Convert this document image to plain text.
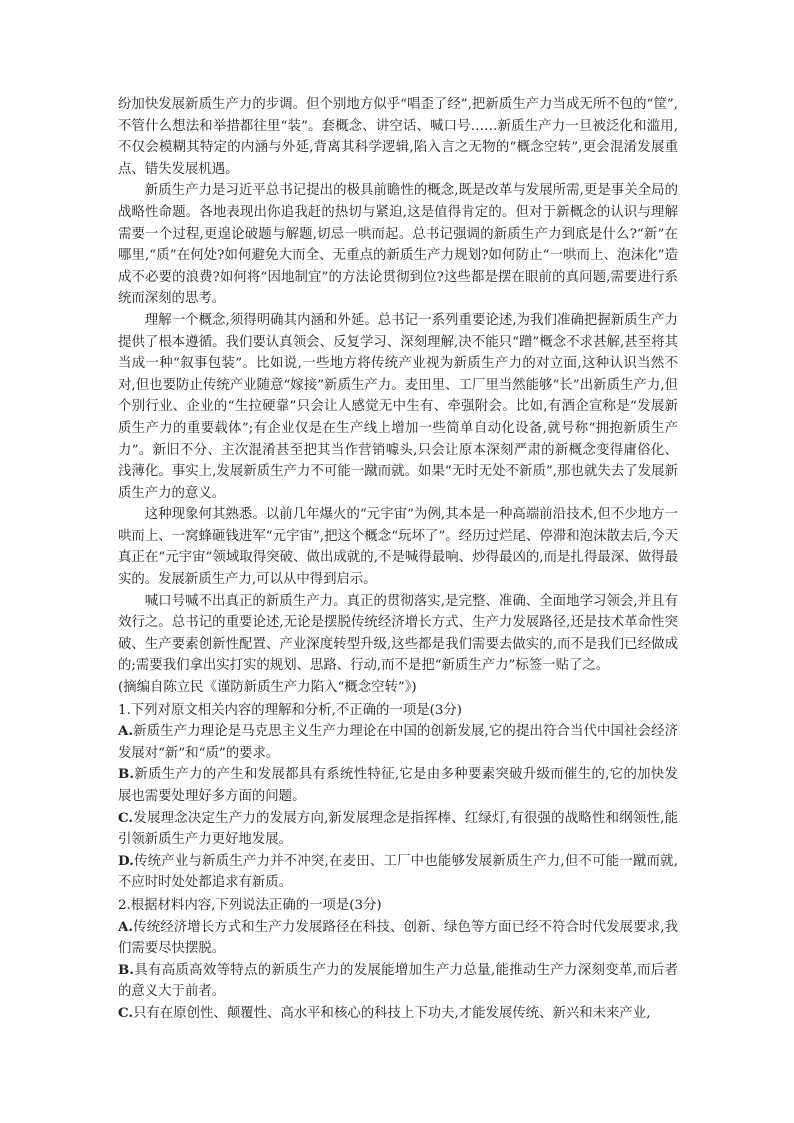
纷加快发展新质生产力的步调。但个别地方似乎“唱歪了经”,把新质生产力当成无所不包的“筐”,不管什么想法和举措都往里“装”。套概念、讲空话、喊口号……新质生产力一旦被泛化和滥用,不仅会模糊其特定的内涵与外延,背离其科学逻辑,陷入言之无物的“概念空转”,更会混淆发展重点、错失发展机遇。

新质生产力是习近平总书记提出的极具前瞻性的概念,既是改革与发展所需,更是事关全局的战略性命题。各地表现出你追我赶的热切与紧迫,这是值得肯定的。但对于新概念的认识与理解需要一个过程,更遑论破题与解题,切忌一哄而起。总书记强调的新质生产力到底是什么?“新”在哪里,“质”在何处?如何避免大而全、无重点的新质生产力规划?如何防止“一哄而上、泡沫化”造成不必要的浪费?如何将“因地制宜”的方法论贯彻到位?这些都是摆在眼前的真问题,需要进行系统而深刻的思考。

理解一个概念,须得明确其内涵和外延。总书记一系列重要论述,为我们准确把握新质生产力提供了根本遵循。我们要认真领会、反复学习、深刻理解,决不能只“蹭”概念不求甚解,甚至将其当成一种“叙事包装”。比如说,一些地方将传统产业视为新质生产力的对立面,这种认识当然不对,但也要防止传统产业随意“嫁接”新质生产力。麦田里、工厂里当然能够“长”出新质生产力,但个别行业、企业的“生拉硬靠”只会让人感觉无中生有、牵强附会。比如,有酒企宣称是“发展新质生产力的重要载体”;有企业仅是在生产线上增加一些简单自动化设备,就号称“拥抱新质生产力”。新旧不分、主次混淆甚至把其当作营销噱头,只会让原本深刻严肃的新概念变得庸俗化、浅薄化。事实上,发展新质生产力不可能一蹴而就。如果“无时无处不新质”,那也就失去了发展新质生产力的意义。

这种现象何其熟悉。以前几年爆火的“元宇宙”为例,其本是一种高端前沿技术,但不少地方一哄而上、一窝蜂砸钱进军“元宇宙”,把这个概念“玩坏了”。经历过烂尾、停滞和泡沫散去后,今天真正在“元宇宙”领域取得突破、做出成就的,不是喊得最响、炒得最凶的,而是扎得最深、做得最实的。发展新质生产力,可以从中得到启示。

喊口号喊不出真正的新质生产力。真正的贯彻落实,是完整、准确、全面地学习领会,并且有效行之。总书记的重要论述,无论是摆脱传统经济增长方式、生产力发展路径,还是技术革命性突破、生产要素创新性配置、产业深度转型升级,这些都是我们需要去做实的,而不是我们已经做成的;需要我们拿出实打实的规划、思路、行动,而不是把“新质生产力”标签一贴了之。

(摘编自陈立民《谨防新质生产力陷入“概念空转”》)

1.下列对原文相关内容的理解和分析,不正确的一项是(3分)

A.新质生产力理论是马克思主义生产力理论在中国的创新发展,它的提出符合当代中国社会经济发展对“新”和“质”的要求。

B.新质生产力的产生和发展都具有系统性特征,它是由多种要素突破升级而催生的,它的加快发展也需要处理好多方面的问题。

C.发展理念决定生产力的发展方向,新发展理念是指挥棒、红绿灯,有很强的战略性和纲领性,能引领新质生产力更好地发展。

D.传统产业与新质生产力并不冲突,在麦田、工厂中也能够发展新质生产力,但不可能一蹴而就,不应时时处处都追求有新质。

2.根据材料内容,下列说法正确的一项是(3分)

A.传统经济增长方式和生产力发展路径在科技、创新、绿色等方面已经不符合时代发展要求,我们需要尽快摆脱。

B.具有高质高效等特点的新质生产力的发展能增加生产力总量,能推动生产力深刻变革,而后者的意义大于前者。

C.只有在原创性、颠覆性、高水平和核心的科技上下功夫,才能发展传统、新兴和未来产业,
